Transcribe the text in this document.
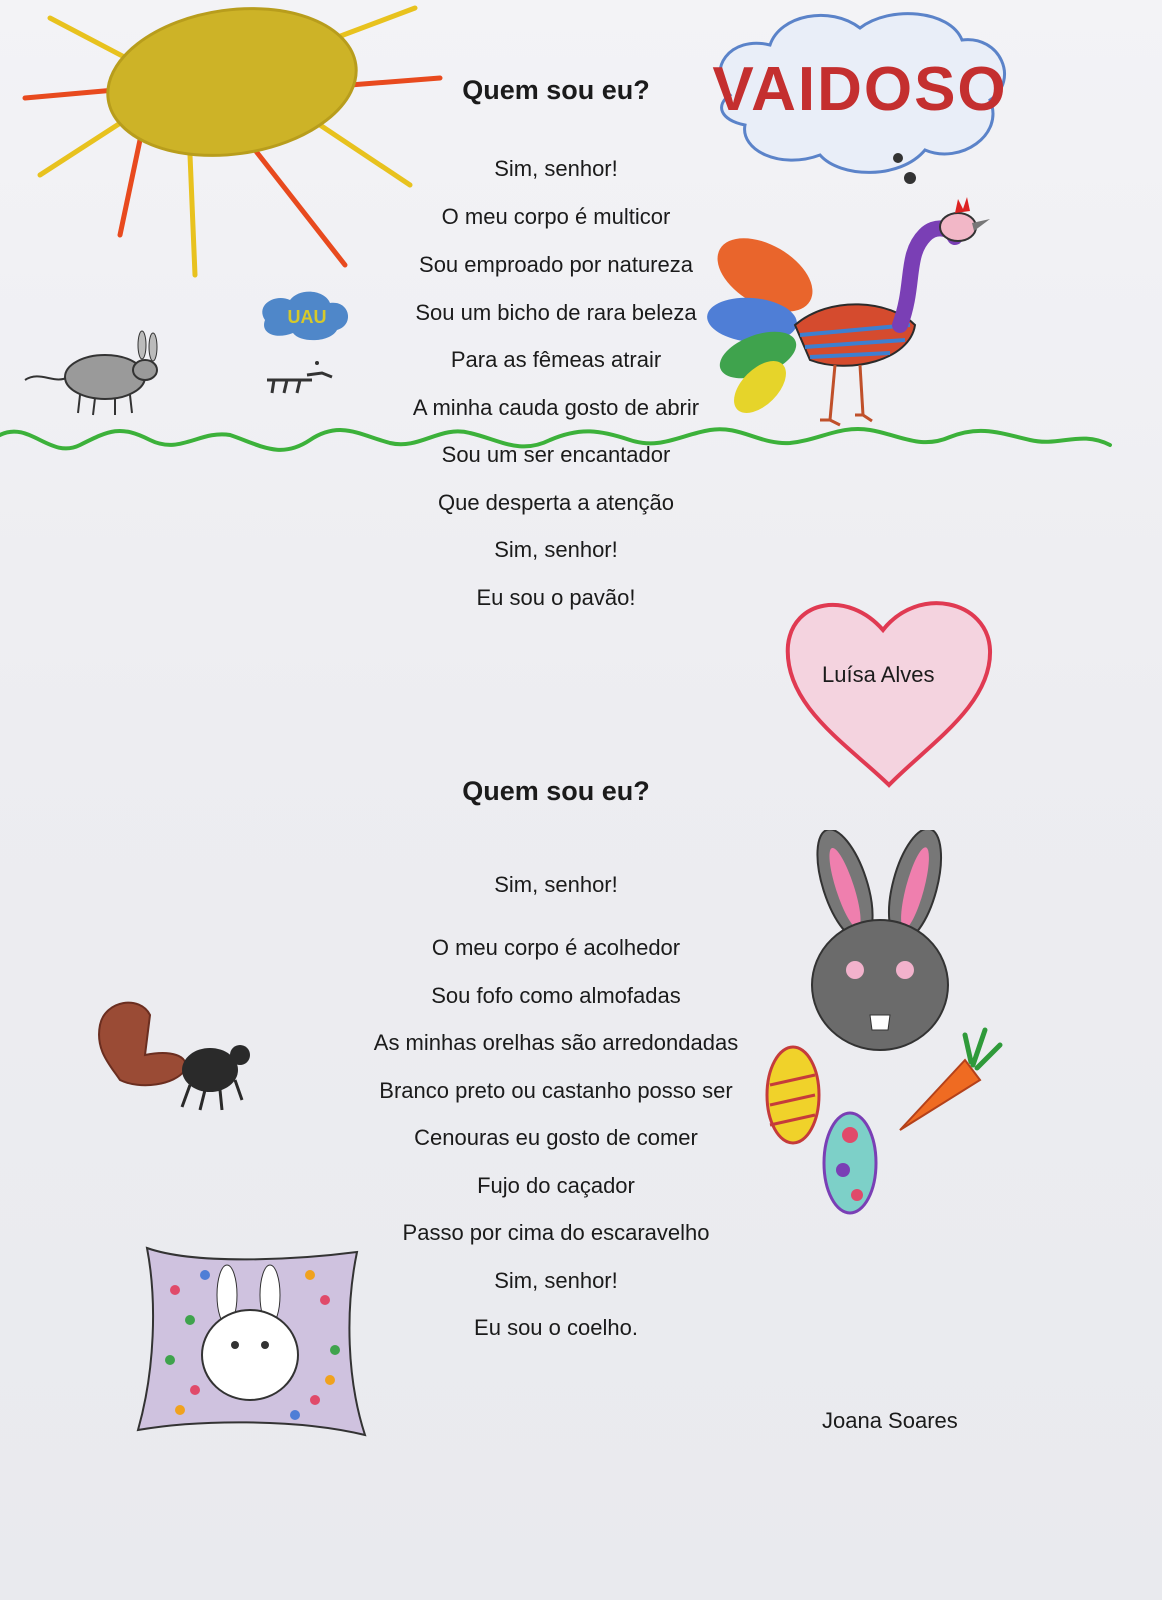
VAIDOSO
UAU
Quem sou eu?
Sim, senhor!
O meu corpo é multicor
Sou emproado por natureza
Sou um bicho de rara beleza
Para as fêmeas atrair
A minha cauda gosto de abrir
Sou um ser encantador
Que desperta a atenção
Sim, senhor!
Eu sou o pavão!
Luísa Alves
Quem sou eu?
Sim, senhor!
O meu corpo é acolhedor
Sou fofo como almofadas
As minhas orelhas são arredondadas
Branco preto ou castanho posso ser
Cenouras eu gosto de comer
Fujo do caçador
Passo por cima do escaravelho
Sim, senhor!
Eu sou o coelho.
Joana Soares
